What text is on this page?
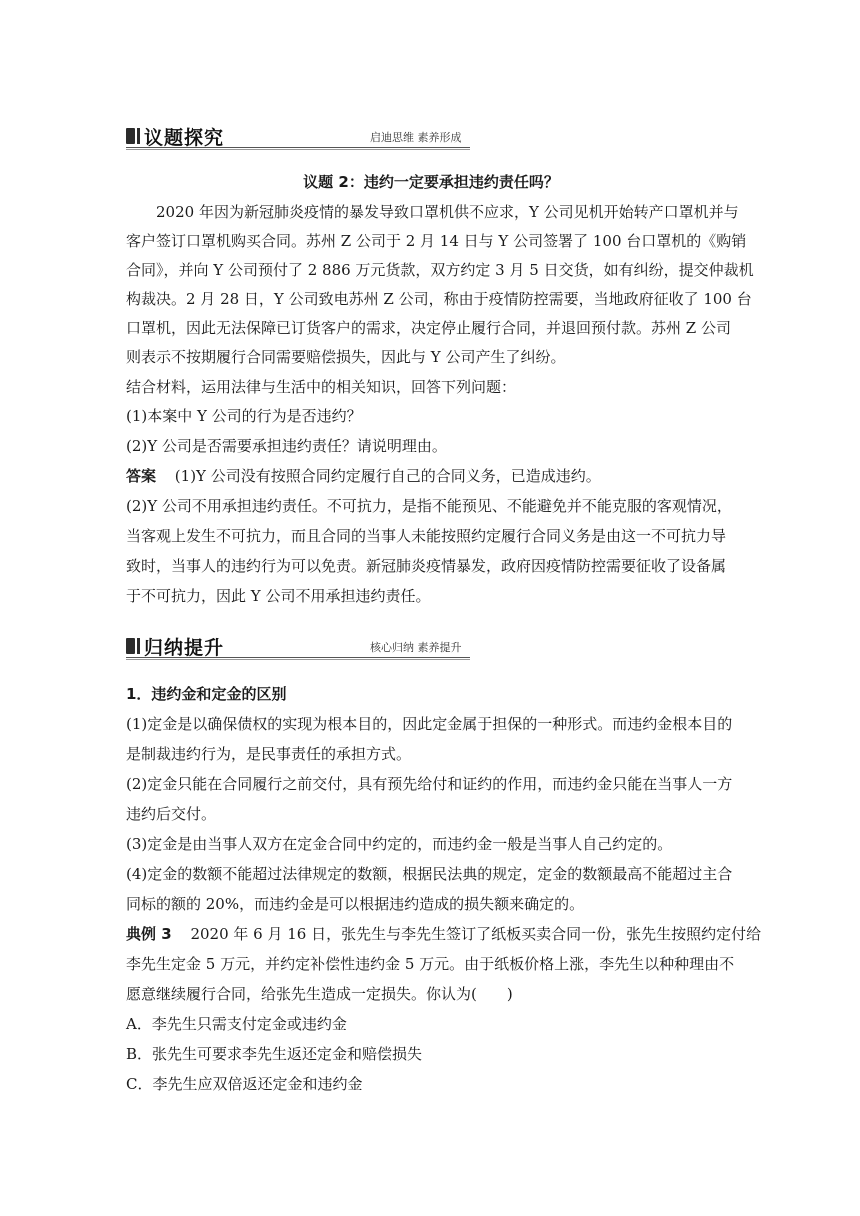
议题探究	启迪思维 素养形成
议题 2：违约一定要承担违约责任吗？
2020 年因为新冠肺炎疫情的暴发导致口罩机供不应求，Y 公司见机开始转产口罩机并与
客户签订口罩机购买合同。苏州 Z 公司于 2 月 14 日与 Y 公司签署了 100 台口罩机的《购销
合同》，并向 Y 公司预付了 2 886 万元货款，双方约定 3 月 5 日交货，如有纠纷，提交仲裁机
构裁决。2 月 28 日，Y 公司致电苏州 Z 公司，称由于疫情防控需要，当地政府征收了 100 台
口罩机，因此无法保障已订货客户的需求，决定停止履行合同，并退回预付款。苏州 Z 公司
则表示不按期履行合同需要赔偿损失，因此与 Y 公司产生了纠纷。
结合材料，运用法律与生活中的相关知识，回答下列问题：
(1)本案中 Y 公司的行为是否违约？
(2)Y 公司是否需要承担违约责任？请说明理由。
答案 (1)Y 公司没有按照合同约定履行自己的合同义务，已造成违约。
(2)Y 公司不用承担违约责任。不可抗力，是指不能预见、不能避免并不能克服的客观情况，
当客观上发生不可抗力，而且合同的当事人未能按照约定履行合同义务是由这一不可抗力导
致时，当事人的违约行为可以免责。新冠肺炎疫情暴发，政府因疫情防控需要征收了设备属
于不可抗力，因此 Y 公司不用承担违约责任。
归纳提升	核心归纳 素养提升
1．违约金和定金的区别
(1)定金是以确保债权的实现为根本目的，因此定金属于担保的一种形式。而违约金根本目的
是制裁违约行为，是民事责任的承担方式。
(2)定金只能在合同履行之前交付，具有预先给付和证约的作用，而违约金只能在当事人一方
违约后交付。
(3)定金是由当事人双方在定金合同中约定的，而违约金一般是当事人自己约定的。
(4)定金的数额不能超过法律规定的数额，根据民法典的规定，定金的数额最高不能超过主合
同标的额的 20%，而违约金是可以根据违约造成的损失额来确定的。
典例 3 2020 年 6 月 16 日，张先生与李先生签订了纸板买卖合同一份，张先生按照约定付给
李先生定金 5 万元，并约定补偿性违约金 5 万元。由于纸板价格上涨，李先生以种种理由不
愿意继续履行合同，给张先生造成一定损失。你认为(　　)
A．李先生只需支付定金或违约金
B．张先生可要求李先生返还定金和赔偿损失
C．李先生应双倍返还定金和违约金
